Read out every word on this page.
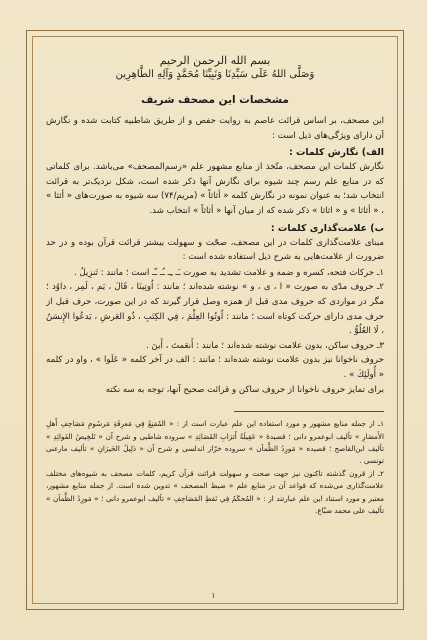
بسم الله الرحمن الرحيم
وَصَلَّى اللهُ عَلَى سَيِّدِنَا وَنَبِيِّنَا مُحَمَّدٍ وَآلِهِ الطَّاهِرِين
مشخصات این مصحف شریف

این مصحف، بر اساس قرائت عاصم به روایت حفص و از طریق شاطبیه کتابت شده و نگارش آن دارای ویژگی‌های ذیل است :

الف) نگارش کلمات :

نگارش کلمات این مصحف، متّخذ از منابع مشهور علم «رسم‌المصحف» می‌باشد. برای کلماتی که در منابع علم رسم چند شیوه برای نگارش آنها ذکر شده است، شکل نزدیک‌تر به قرائت انتخاب شد؛ به عنوان نمونه در نگارش کلمه « أثاثاً » (مریم/۷۴) سه شیوه به صورت‌های « أثثا » ، « أثاثا » و « اثاثا » ذکر شده که از میان آنها « أثاثاً » انتخاب شد.

ب) علامت‌گذاری کلمات :

مبنای علامت‌گذاری کلمات در این مصحف، صحّت و سهولت بیشتر قرائت قرآن بوده و در حد ضرورت از علامت‌هایی به شرح ذیل استفاده شده است :

۱ـ حرکات فتحه، کسره و ضمه و علامت تشدید به صورت ـَـ ـِـ ـُـ ـّـ است ؛ مانند : تَنزِيلُ .

۲ـ حروف مدّی به صورت « ا ، ی ، و » نوشته شده‌اند ؛ مانند : اُوتِينَا ، قَالَ ، یَم ، لَمِر ، داوُد ؛ مگر در مواردی که حروف مدی قبل از همزه وصل قرار گیرند که در این صورت، حرف قبل از حرف مدی دارای حرکت کوتاه است ؛ مانند : اُوتُوا العِلْمَ ، فِي الكِتَبِ ، ذُو العَرشِ ، يَدعُوا الإِنسَنُ ، لَا العُلُوُّ .

۳ـ حروف ساکن، بدون علامت نوشته شده‌اند ؛ مانند : أَنعَمتَ ، أَينَ .

حروف ناخوانا نیز بدون علامت نوشته شده‌اند ؛ مانند : الف در آخر کلمه « عَلَوا » ، واو در کلمه « أُولَئِكَ » .

برای تمایز حروف ناخوانا از حروف ساکن و قرائت صحیح آنها، توجه به سه نکته

۱ـ از جمله منابع مشهور و مورد استفاده این علم عبارت است از : « المُقنِعُ فِي مَعرِفَةِ مَرسُومِ مَصَاحِفِ أَهلِ الأَمصَارِ » تألیف ابوعمرو دانی ؛ قصیدهٔ « عَقِيلَةُ أَترَابِ القَصَائِدِ » سروده شاطبی و شرح آن « تَلخِيصُ الفَوائِدِ » تألیف ابن‌القاصح ؛ قصیده « مَورِدُ الظَّمآن » سروده خرّاز اندلسی و شرح آن « دَلِيلُ الحَيرَانِ » تألیف مارغنی تونسی .

۲ـ از قرون گذشته تاکنون نیز جهت صحت و سهولت قرائت قرآن کریم، کلمات مصحف به شیوه‌های مختلف علامت‌گذاری می‌شده که قواعد آن در منابع علم « ضبط المصحف » تدوین شده است. از جمله منابع مشهور، معتبر و مورد استناد این علم عبارتند از : « المُحكَمُ فِي نَقطِ المَصَاحِفِ » تألیف ابوعمرو دانی ؛ « مَورِدُ الظَّمآن » تألیف علی محمد ضبّاع.

۱
